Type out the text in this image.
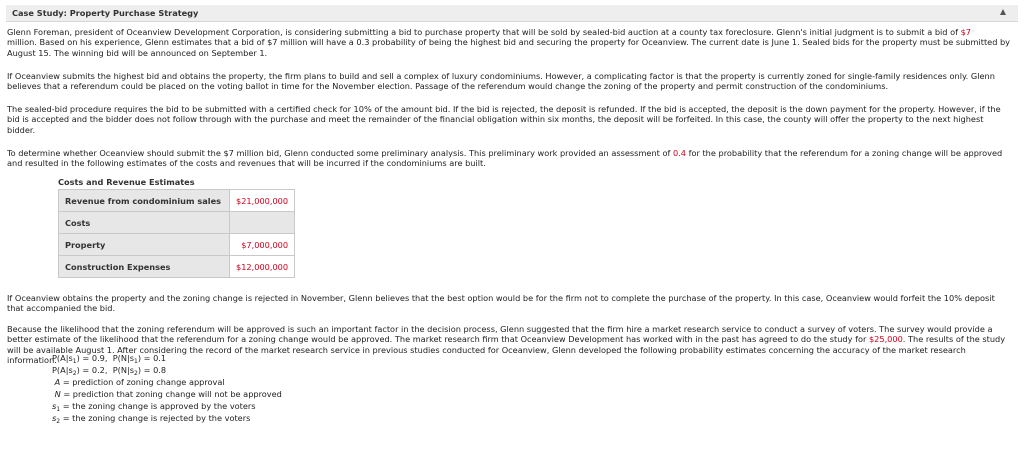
Case Study: Property Purchase Strategy

Glenn Foreman, president of Oceanview Development Corporation, is considering submitting a bid to purchase property that will be sold by sealed-bid auction at a county tax foreclosure. Glenn's initial judgment is to submit a bid of $7
million. Based on his experience, Glenn estimates that a bid of $7 million will have a 0.3 probability of being the highest bid and securing the property for Oceanview. The current date is June 1. Sealed bids for the property must be submitted by August 15. The winning bid will be announced on September 1.

If Oceanview submits the highest bid and obtains the property, the firm plans to build and sell a complex of luxury condominiums. However, a complicating factor is that the property is currently zoned for single-family residences only. Glenn believes that a referendum could be placed on the voting ballot in time for the November election. Passage of the referendum would change the zoning of the property and permit construction of the condominiums.

The sealed-bid procedure requires the bid to be submitted with a certified check for 10% of the amount bid. If the bid is rejected, the deposit is refunded. If the bid is accepted, the deposit is the down payment for the property. However, if the bid is accepted and the bidder does not follow through with the purchase and meet the remainder of the financial obligation within six months, the deposit will be forfeited. In this case, the county will offer the property to the next highest bidder.

To determine whether Oceanview should submit the $7 million bid, Glenn conducted some preliminary analysis. This preliminary work provided an assessment of 0.4 for the probability that the referendum for a zoning change will be approved and resulted in the following estimates of the costs and revenues that will be incurred if the condominiums are built.

Costs and Revenue Estimates
Revenue from condominium sales	$21,000,000
Costs	
Property	$7,000,000
Construction Expenses	$12,000,000

If Oceanview obtains the property and the zoning change is rejected in November, Glenn believes that the best option would be for the firm not to complete the purchase of the property. In this case, Oceanview would forfeit the 10% deposit that accompanied the bid.

Because the likelihood that the zoning referendum will be approved is such an important factor in the decision process, Glenn suggested that the firm hire a market research service to conduct a survey of voters. The survey would provide a better estimate of the likelihood that the referendum for a zoning change would be approved. The market research firm that Oceanview Development has worked with in the past has agreed to do the study for $25,000. The results of the study will be available August 1. After considering the record of the market research service in previous studies conducted for Oceanview, Glenn developed the following probability estimates concerning the accuracy of the market research information.

$P(A|s_1) = 0.9$, $P(N|s_1) = 0.1$
$P(A|s_2) = 0.2$, $P(N|s_2) = 0.8$
A = prediction of zoning change approval
N = prediction that zoning change will not be approved
$s_1$ = the zoning change is approved by the voters
$s_2$ = the zoning change is rejected by the voters
